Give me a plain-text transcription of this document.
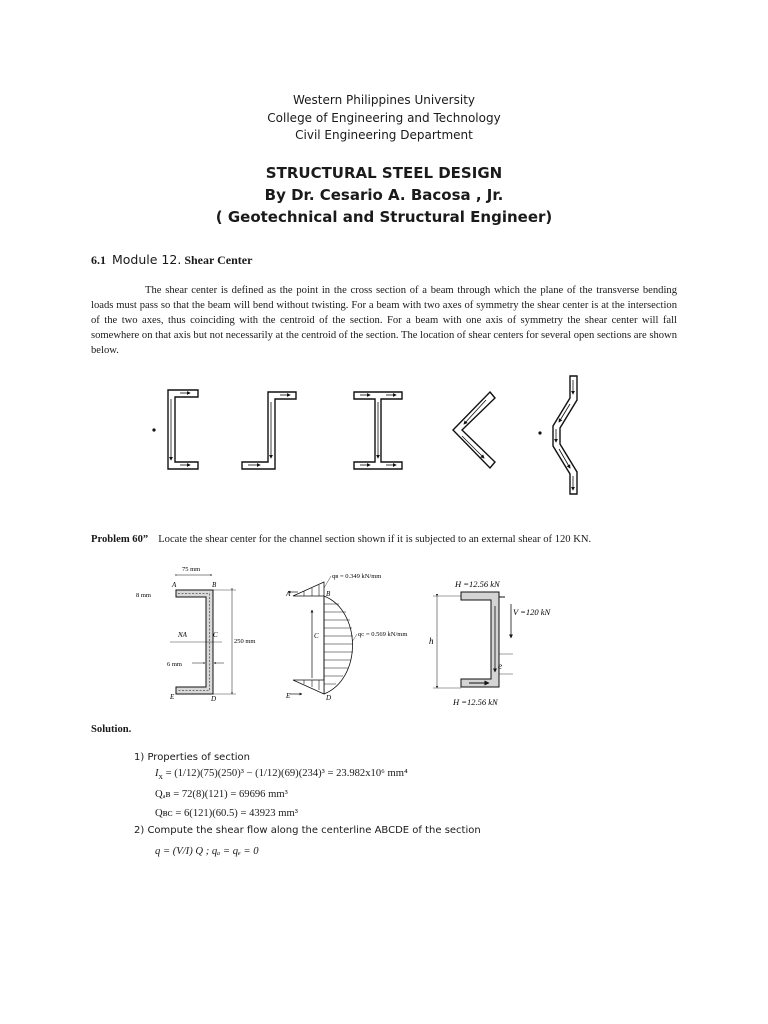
Western Philippines University
College of Engineering and Technology
Civil Engineering Department
STRUCTURAL STEEL DESIGN
By Dr. Cesario A. Bacosa , Jr.
( Geotechnical and Structural Engineer)
6.1 Module 12. Shear Center
The shear center is defined as the point in the cross section of a beam through which the plane of the transverse bending loads must pass so that the beam will bend without twisting. For a beam with two axes of symmetry the shear center is at the intersection of the two axes, thus coinciding with the centroid of the section. For a beam with one axis of symmetry the shear center will fall somewhere on that axis but not necessarily at the centroid of the section. The location of shear centers for several open sections are shown below.
Problem 60” Locate the shear center for the channel section shown if it is subjected to an external shear of 120 KN.
75 mm
A	B
8 mm
250 mm
NA	C
6 mm
E	D
qʙ = 0.349 kN/mm
A	B
C	qᴄ = 0.569 kN/mm
E	D
H =12.56 kN
h
V =120 kN
e
H =12.56 kN
Solution.
1) Properties of section
$I_x = (1/12)(75)(250)^3 - (1/12)(69)(234)^3 = 23.982x10^6$ mm⁴
Qₐʙ = 72(8)(121) = 69696 mm³
Qʙᴄ = 6(121)(60.5) = 43923 mm³
2) Compute the shear flow along the centerline ABCDE of the section
q = (V/I) Q ; qₐ = qₑ = 0
